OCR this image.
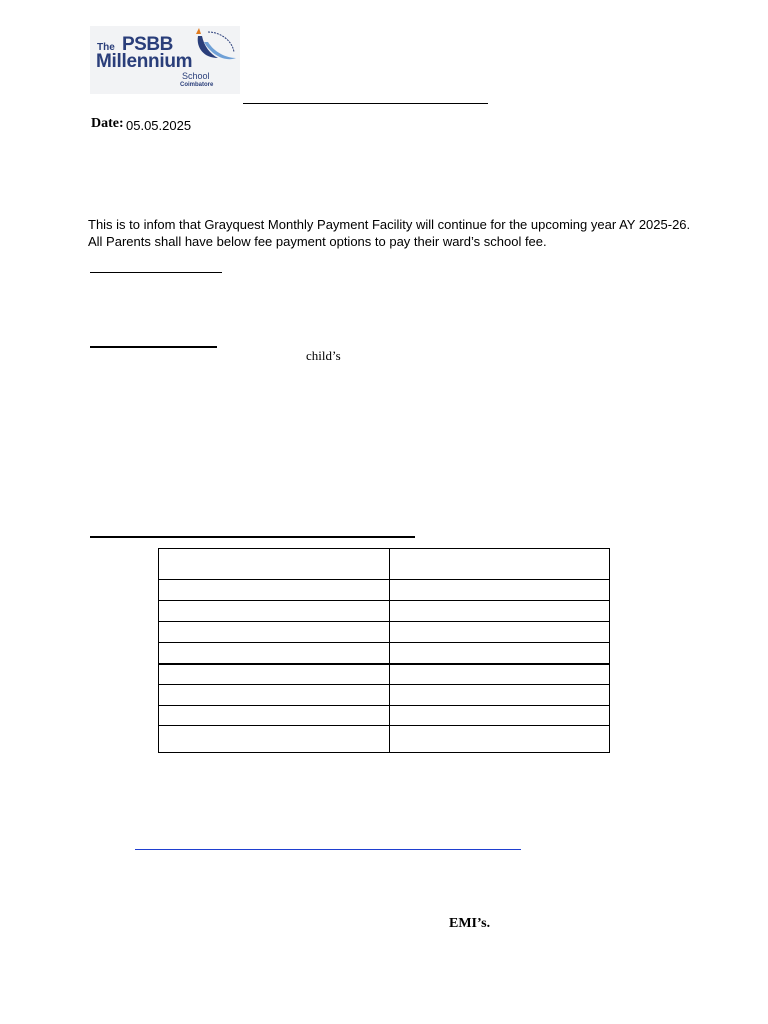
The PSBB
Millennium
School
Coimbatore
Date: 05.05.2025
This is to infom that Grayquest Monthly Payment Facility will continue for the upcoming year AY 2025-26.
All Parents shall have below fee payment options to pay their ward’s school fee.
child’s

EMI’s.
